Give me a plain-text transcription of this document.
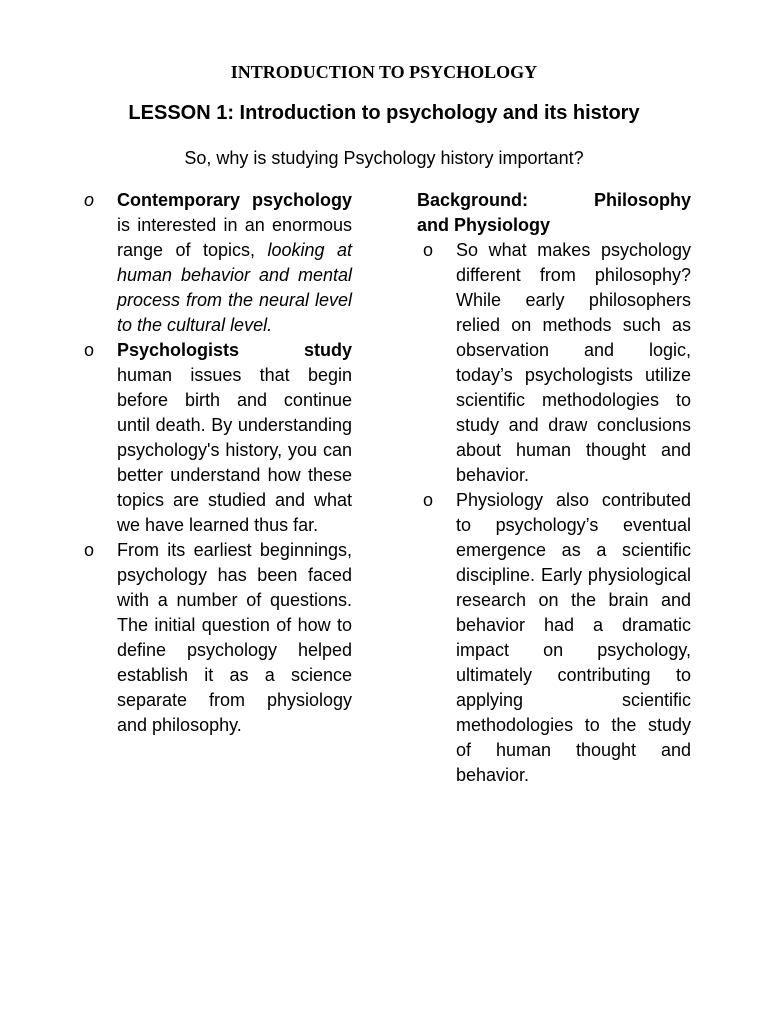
INTRODUCTION TO PSYCHOLOGY
LESSON 1: Introduction to psychology and its history
So, why is studying Psychology history important?
o Contemporary psychology is interested in an enormous range of topics, looking at human behavior and mental process from the neural level to the cultural level.
o Psychologists study human issues that begin before birth and continue until death. By understanding psychology's history, you can better understand how these topics are studied and what we have learned thus far.
o From its earliest beginnings, psychology has been faced with a number of questions. The initial question of how to define psychology helped establish it as a science separate from physiology and philosophy.
Background: Philosophy
and Physiology
o So what makes psychology different from philosophy? While early philosophers relied on methods such as observation and logic, today’s psychologists utilize scientific methodologies to study and draw conclusions about human thought and behavior.
o Physiology also contributed to psychology’s eventual emergence as a scientific discipline. Early physiological research on the brain and behavior had a dramatic impact on psychology, ultimately contributing to applying scientific methodologies to the study of human thought and behavior.
